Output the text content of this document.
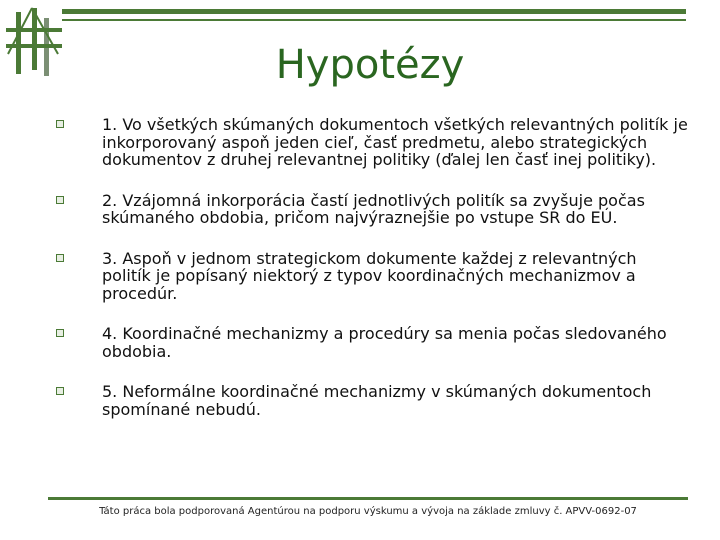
Hypotézy
1. Vo všetkých skúmaných dokumentoch všetkých relevantných politík je inkorporovaný aspoň jeden cieľ, časť predmetu, alebo strategických dokumentov z druhej relevantnej politiky (ďalej len časť inej politiky).
2. Vzájomná inkorporácia častí jednotlivých politík sa zvyšuje počas skúmaného obdobia, pričom najvýraznejšie po vstupe SR do EÚ.
3. Aspoň v jednom strategickom dokumente každej z relevantných politík je popísaný niektorý z typov koordinačných mechanizmov a procedúr.
4. Koordinačné mechanizmy a procedúry sa menia počas sledovaného obdobia.
5. Neformálne koordinačné mechanizmy v skúmaných dokumentoch spomínané nebudú.
Táto práca bola podporovaná Agentúrou na podporu výskumu a vývoja na základe zmluvy č. APVV-0692-07
